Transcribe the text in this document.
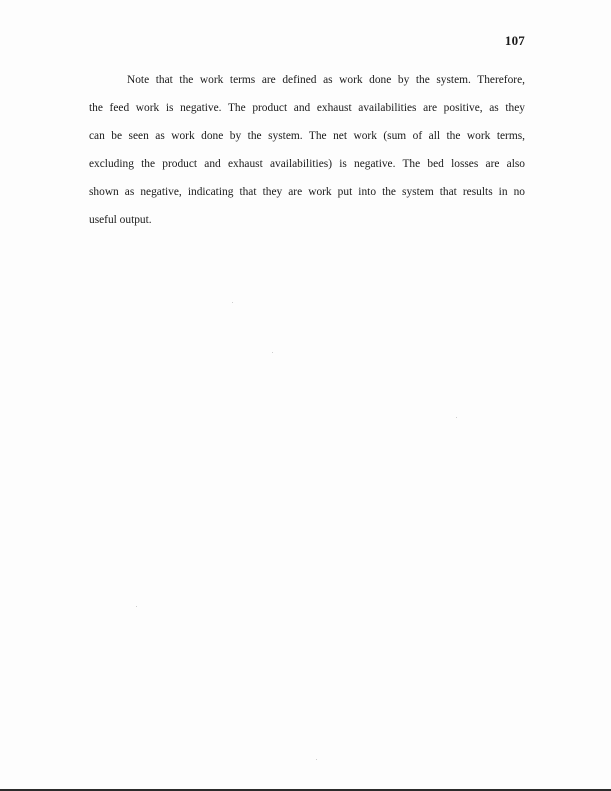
107
Note that the work terms are defined as work done by the system. Therefore,
the feed work is negative. The product and exhaust availabilities are positive, as they
can be seen as work done by the system. The net work (sum of all the work terms,
excluding the product and exhaust availabilities) is negative. The bed losses are also
shown as negative, indicating that they are work put into the system that results in no
useful output.
